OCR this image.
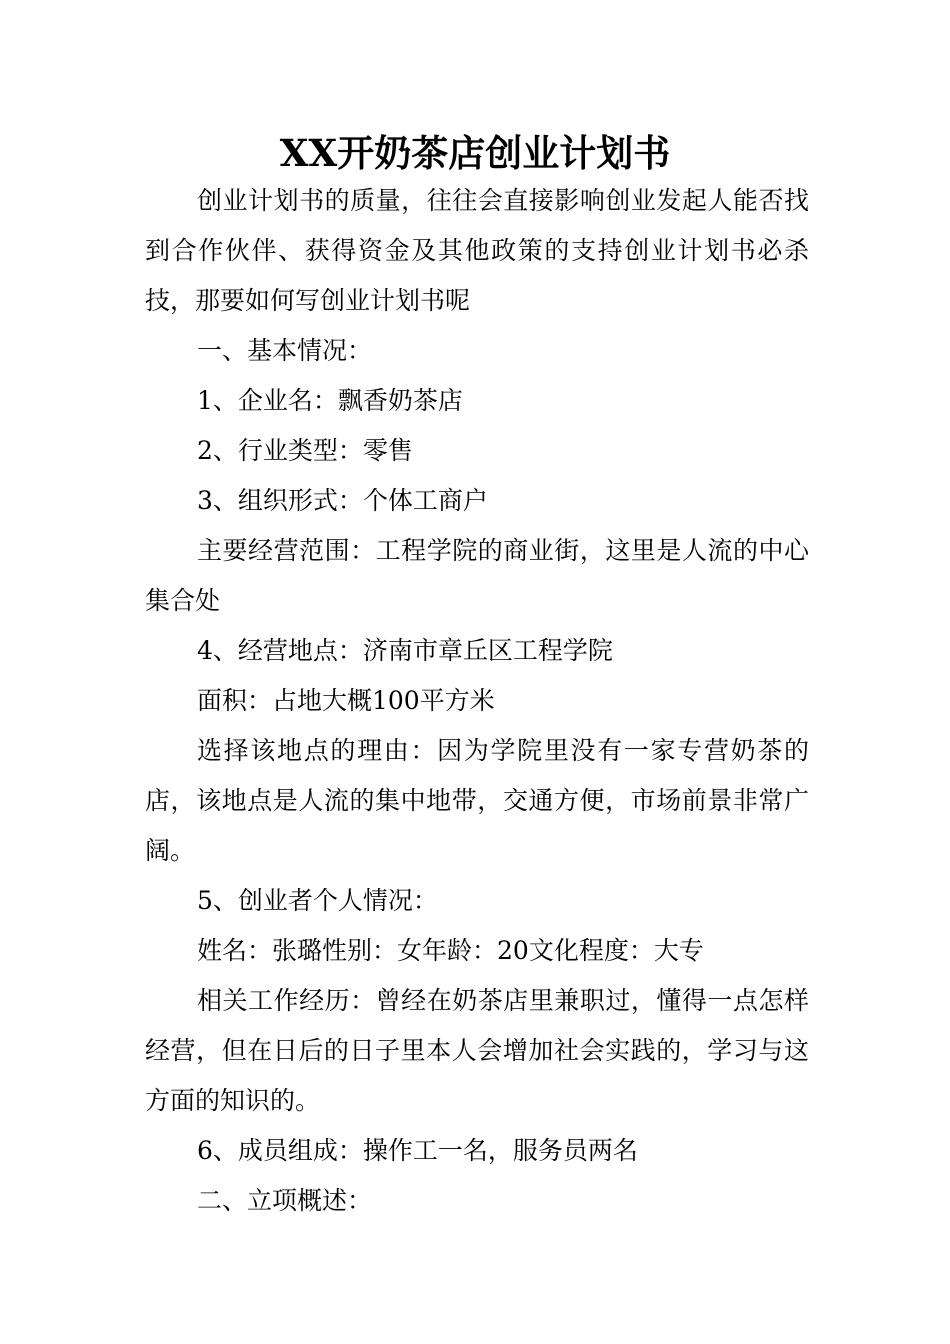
XX开奶茶店创业计划书

创业计划书的质量，往往会直接影响创业发起人能否找到合作伙伴、获得资金及其他政策的支持创业计划书必杀技，那要如何写创业计划书呢

一、基本情况：

1、企业名：飘香奶茶店

2、行业类型：零售

3、组织形式：个体工商户

主要经营范围：工程学院的商业街，这里是人流的中心集合处

4、经营地点：济南市章丘区工程学院

面积：占地大概100平方米

选择该地点的理由：因为学院里没有一家专营奶茶的店，该地点是人流的集中地带，交通方便，市场前景非常广阔。

5、创业者个人情况：

姓名：张璐性别：女年龄：20文化程度：大专

相关工作经历：曾经在奶茶店里兼职过，懂得一点怎样经营，但在日后的日子里本人会增加社会实践的，学习与这方面的知识的。

6、成员组成：操作工一名，服务员两名

二、立项概述：
